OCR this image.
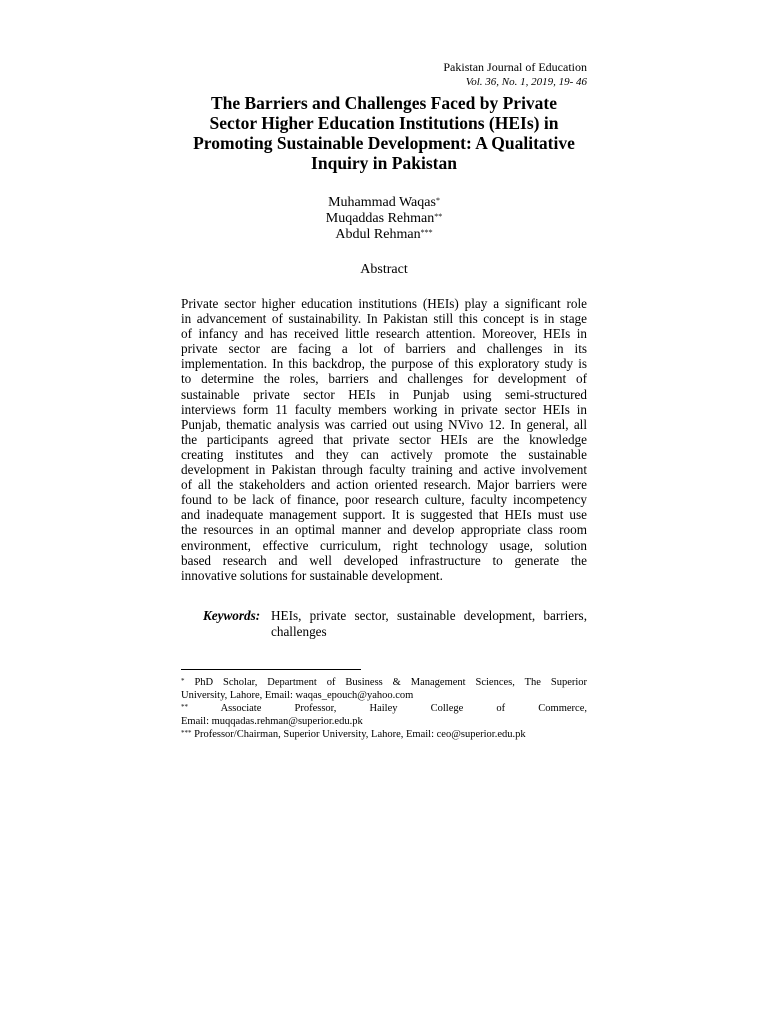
Pakistan Journal of Education
Vol. 36, No. 1, 2019, 19- 46
The Barriers and Challenges Faced by Private
Sector Higher Education Institutions (HEIs) in
Promoting Sustainable Development: A Qualitative
Inquiry in Pakistan
Muhammad Waqas*
Muqaddas Rehman**
Abdul Rehman***
Abstract
Private sector higher education institutions (HEIs) play a significant role
in advancement of sustainability. In Pakistan still this concept is in stage
of infancy and has received little research attention. Moreover, HEIs in
private sector are facing a lot of barriers and challenges in its
implementation. In this backdrop, the purpose of this exploratory study is
to determine the roles, barriers and challenges for development of
sustainable private sector HEIs in Punjab using semi-structured
interviews form 11 faculty members working in private sector HEIs in
Punjab, thematic analysis was carried out using NVivo 12. In general, all
the participants agreed that private sector HEIs are the knowledge
creating institutes and they can actively promote the sustainable
development in Pakistan through faculty training and active involvement
of all the stakeholders and action oriented research. Major barriers were
found to be lack of finance, poor research culture, faculty incompetency
and inadequate management support. It is suggested that HEIs must use
the resources in an optimal manner and develop appropriate class room
environment, effective curriculum, right technology usage, solution
based research and well developed infrastructure to generate the
innovative solutions for sustainable development.
Keywords: HEIs, private sector, sustainable development, barriers,
challenges
* PhD Scholar, Department of Business & Management Sciences, The Superior
University, Lahore, Email: waqas_epouch@yahoo.com
**	Associate Professor, Hailey College of Commerce,
Email: muqqadas.rehman@superior.edu.pk
*** Professor/Chairman, Superior University, Lahore, Email: ceo@superior.edu.pk
